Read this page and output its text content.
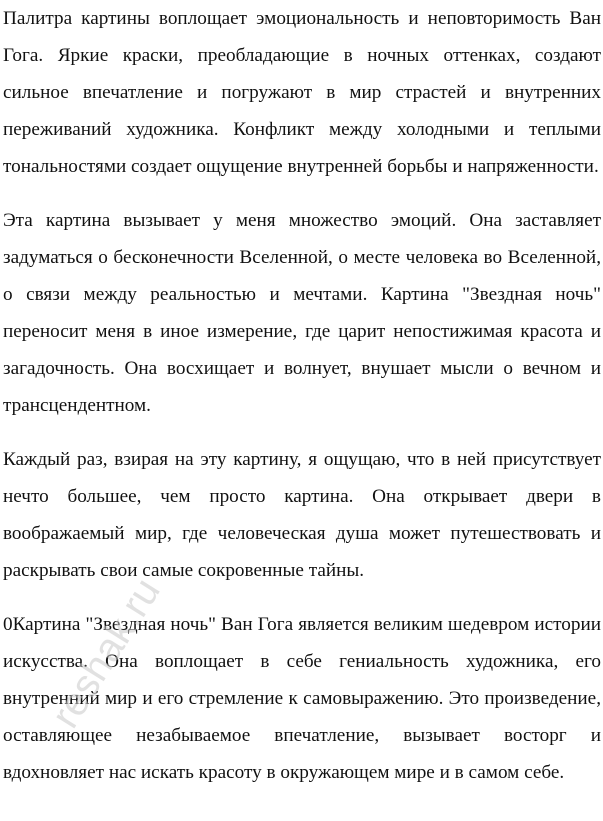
Палитра картины воплощает эмоциональность и неповторимость Ван Гога. Яркие краски, преобладающие в ночных оттенках, создают сильное впечатление и погружают в мир страстей и внутренних переживаний художника. Конфликт между холодными и теплыми тональностями создает ощущение внутренней борьбы и напряженности.

Эта картина вызывает у меня множество эмоций. Она заставляет задуматься о бесконечности Вселенной, о месте человека во Вселенной, о связи между реальностью и мечтами. Картина "Звездная ночь" переносит меня в иное измерение, где царит непостижимая красота и загадочность. Она восхищает и волнует, внушает мысли о вечном и трансцендентном.

Каждый раз, взирая на эту картину, я ощущаю, что в ней присутствует нечто большее, чем просто картина. Она открывает двери в воображаемый мир, где человеческая душа может путешествовать и раскрывать свои самые сокровенные тайны.

0Картина "Звездная ночь" Ван Гога является великим шедевром истории искусства. Она воплощает в себе гениальность художника, его внутренний мир и его стремление к самовыражению. Это произведение, оставляющее незабываемое впечатление, вызывает восторг и вдохновляет нас искать красоту в окружающем мире и в самом себе.

reshak.ru
